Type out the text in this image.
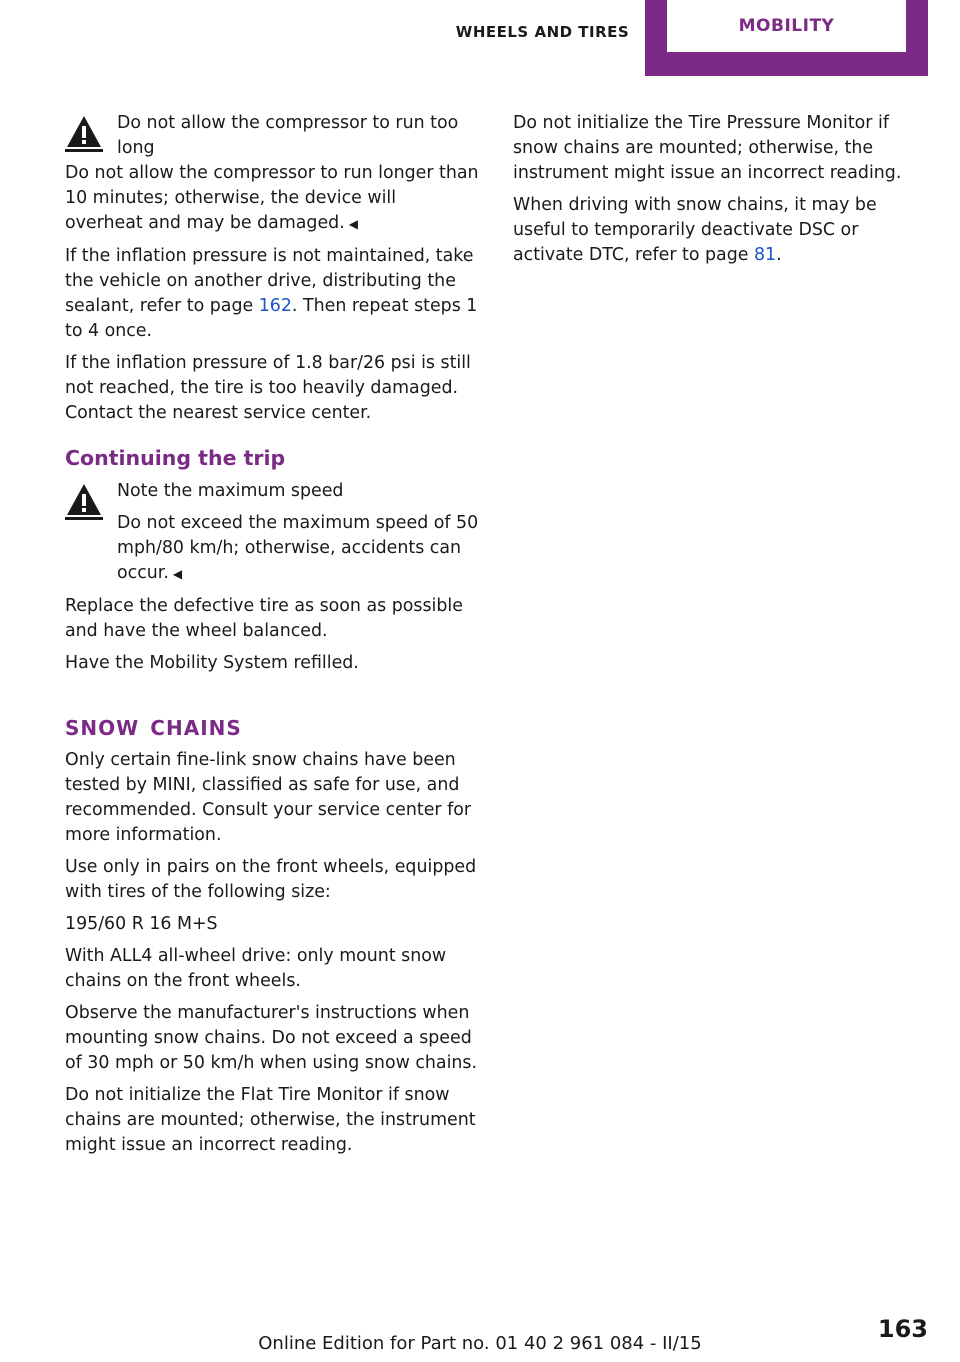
WHEELS AND TIRES	MOBILITY
Do not allow the compressor to run too long
Do not allow the compressor to run longer than 10 minutes; otherwise, the device will overheat and may be damaged. ◀

If the inflation pressure is not maintained, take the vehicle on another drive, distributing the sealant, refer to page 162. Then repeat steps 1 to 4 once.

If the inflation pressure of 1.8 bar/26 psi is still not reached, the tire is too heavily damaged. Contact the nearest service center.

Continuing the trip
Note the maximum speed
Do not exceed the maximum speed of 50 mph/80 km/h; otherwise, accidents can occur. ◀

Replace the defective tire as soon as possible and have the wheel balanced.

Have the Mobility System refilled.

snow chains

Only certain fine-link snow chains have been tested by MINI, classified as safe for use, and recommended. Consult your service center for more information.

Use only in pairs on the front wheels, equipped with tires of the following size:

195/60 R 16 M+S

With ALL4 all-wheel drive: only mount snow chains on the front wheels.

Observe the manufacturer's instructions when mounting snow chains. Do not exceed a speed of 30 mph or 50 km/h when using snow chains.

Do not initialize the Flat Tire Monitor if snow chains are mounted; otherwise, the instrument might issue an incorrect reading.

Do not initialize the Tire Pressure Monitor if snow chains are mounted; otherwise, the instrument might issue an incorrect reading.

When driving with snow chains, it may be useful to temporarily deactivate DSC or activate DTC, refer to page 81.

163
Online Edition for Part no. 01 40 2 961 084 - II/15
